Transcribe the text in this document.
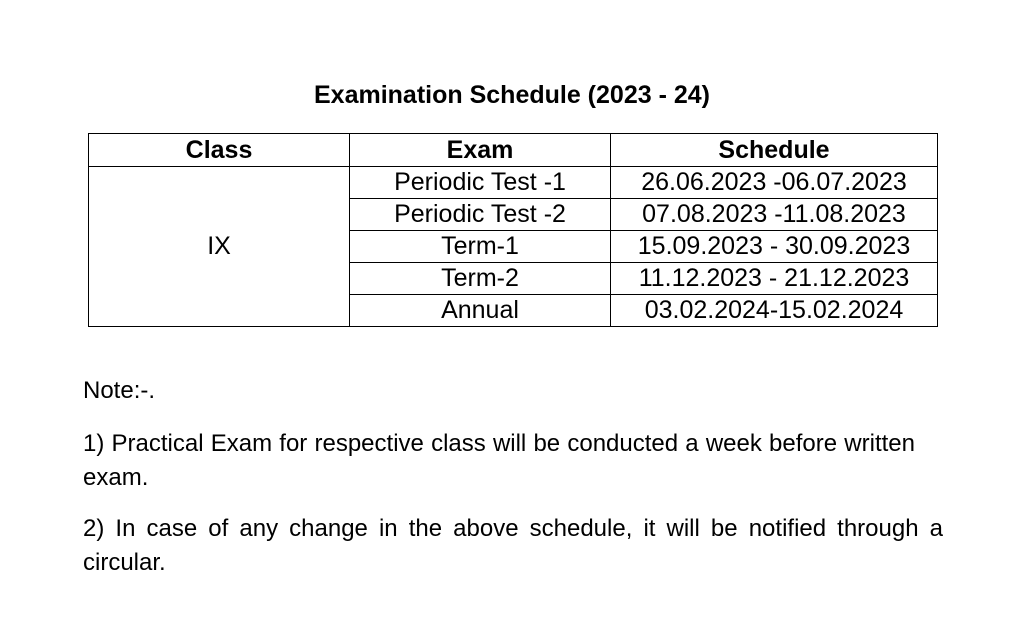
Examination Schedule (2023 - 24)
Class	Exam	Schedule
IX	Periodic Test -1	26.06.2023 -06.07.2023
	Periodic Test -2	07.08.2023 -11.08.2023
	Term-1	15.09.2023 - 30.09.2023
	Term-2	11.12.2023 - 21.12.2023
	Annual	03.02.2024-15.02.2024
Note:-.
1) Practical Exam for respective class will be conducted a week before written exam.
2) In case of any change in the above schedule, it will be notified through a circular.
